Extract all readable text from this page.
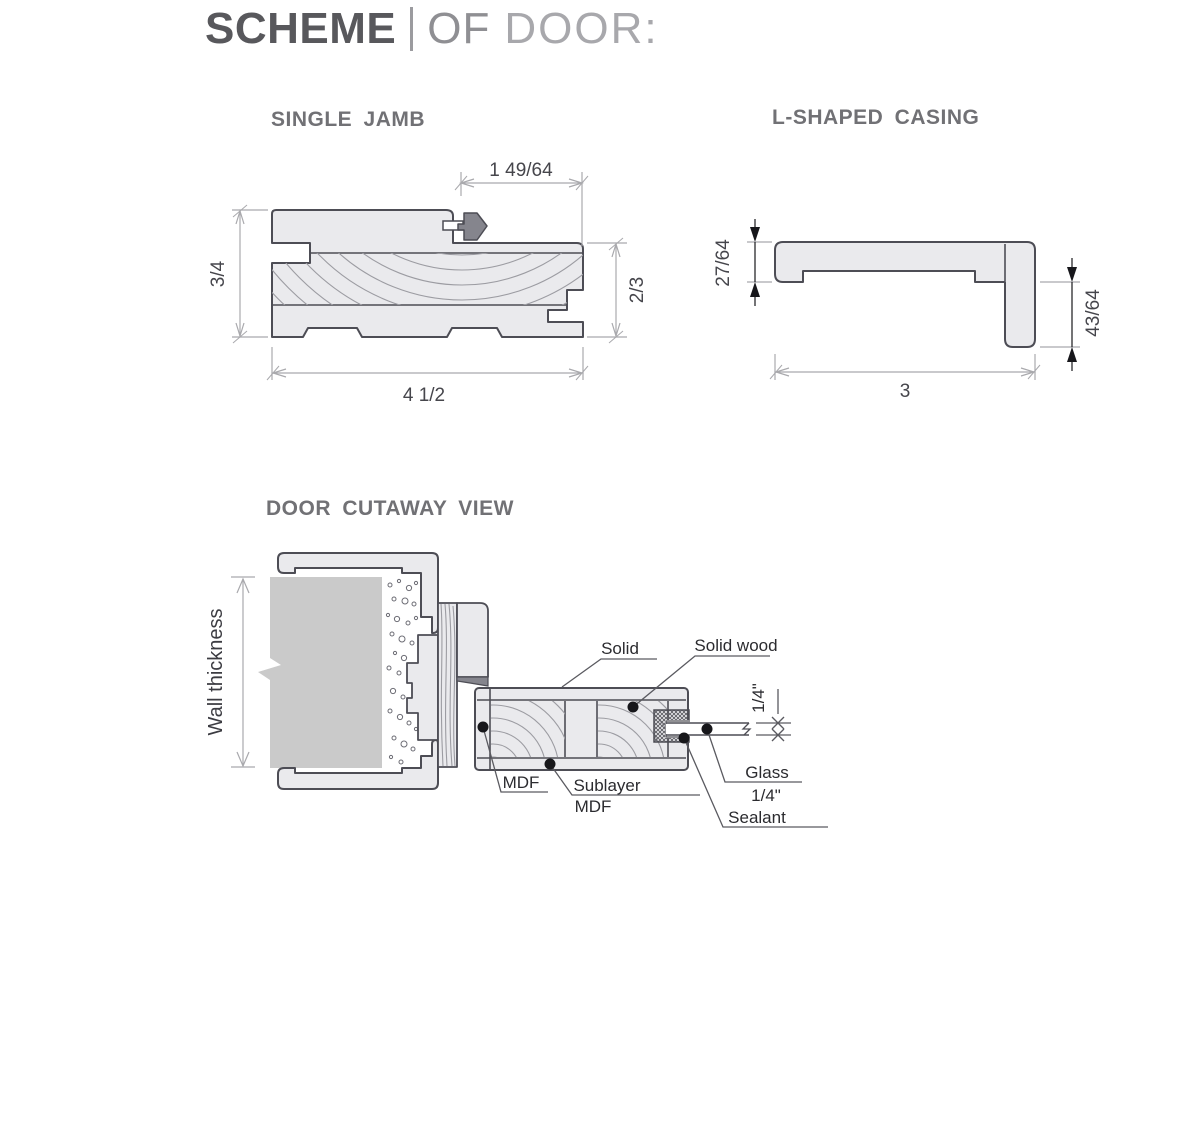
SCHEME OF DOOR:
SINGLE JAMB	L-SHAPED CASING
DOOR CUTAWAY VIEW
1 49/64
3/4
2/3
4 1/2
27/64
43/64
3
Wall thickness	1/4"
Solid	Solid wood
MDF Sublayer
MDF
Glass
1/4"
Sealant
